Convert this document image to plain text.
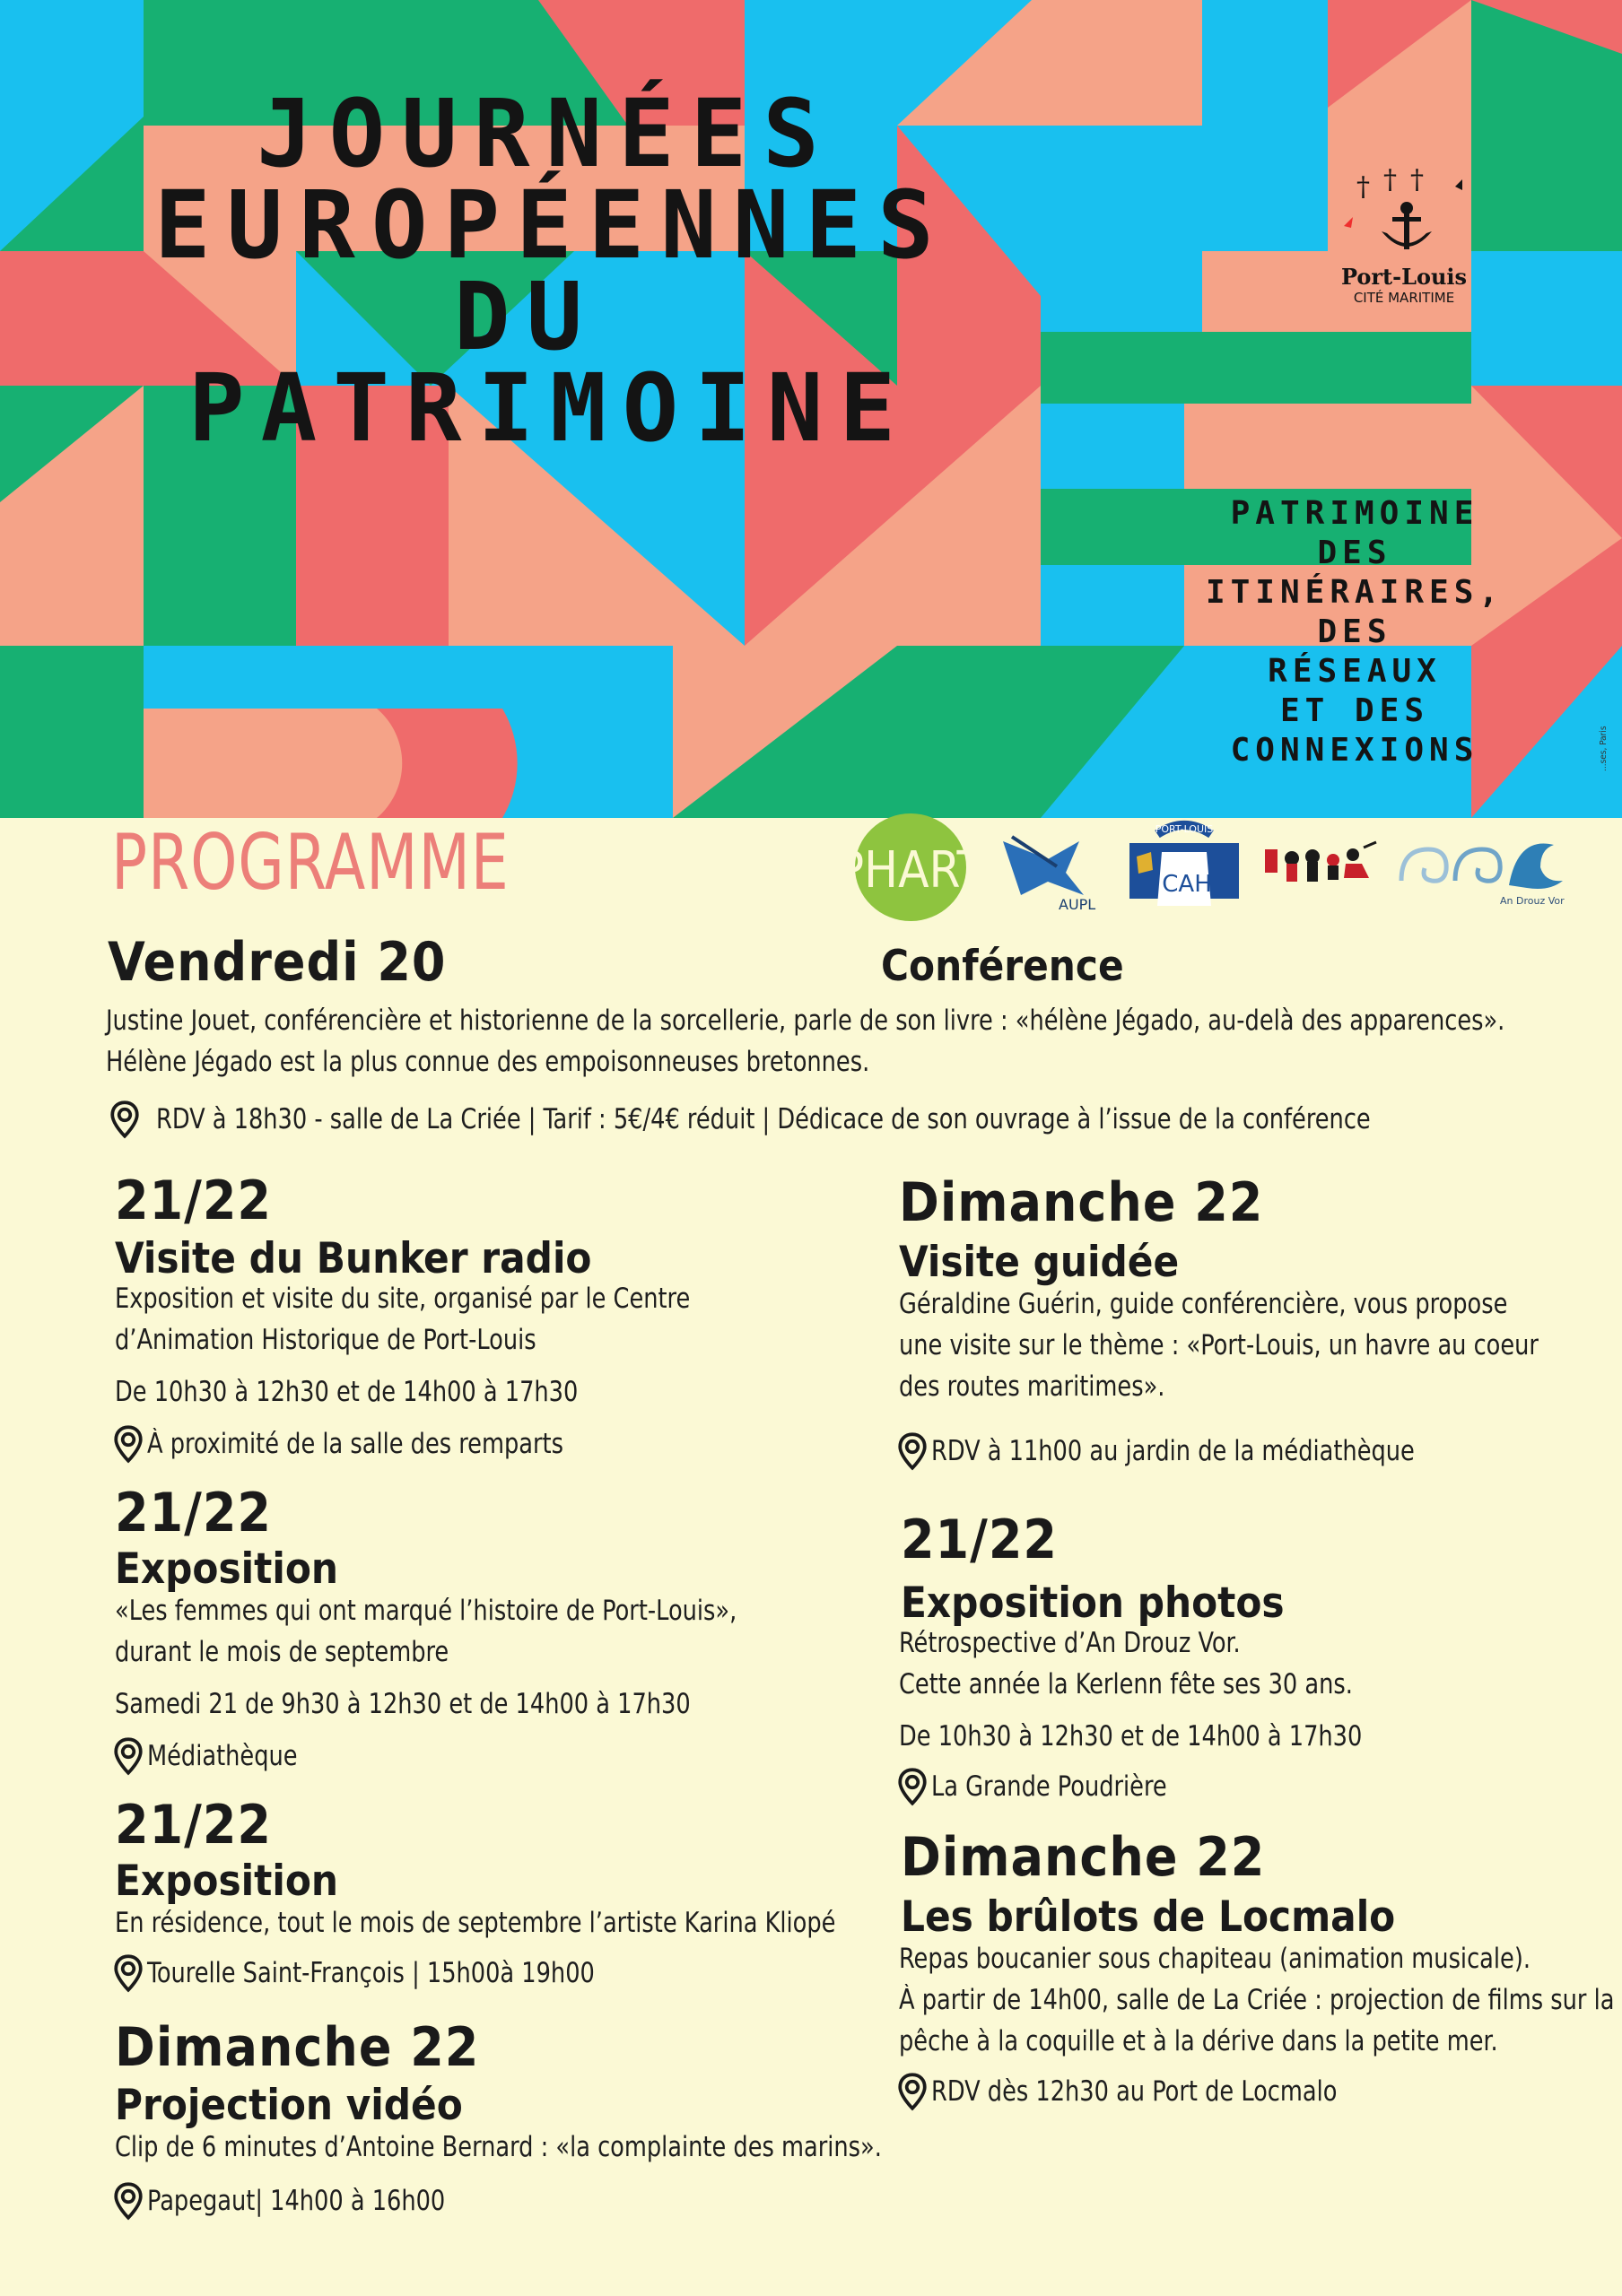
JOURNÉES
EUROPÉENNES
DU
PATRIMOINE
PATRIMOINE
DES
ITINÉRAIRES,
DES
RÉSEAUX
ET DES
CONNEXIONS
† † †
Port-Louis
CITÉ MARITIME
...ses, Paris
PROGRAMME	PHART
AUPL
PORT-LOUIS
CAH
An Drouz Vor
Vendredi 20	Conférence
Justine Jouet, conférencière et historienne de la sorcellerie, parle de son livre : «hélène Jégado, au-delà des apparences».
Hélène Jégado est la plus connue des empoisonneuses bretonnes.
RDV à 18h30 - salle de La Criée | Tarif : 5€/4€ réduit | Dédicace de son ouvrage à l’issue de la conférence
21/22
Visite du Bunker radio
Exposition et visite du site, organisé par le Centre
d’Animation Historique de Port-Louis
De 10h30 à 12h30 et de 14h00 à 17h30
À proximité de la salle des remparts
21/22
Exposition
«Les femmes qui ont marqué l’histoire de Port-Louis»,
durant le mois de septembre
Samedi 21 de 9h30 à 12h30 et de 14h00 à 17h30
Médiathèque
21/22
Exposition
En résidence, tout le mois de septembre l’artiste Karina Kliopé
Tourelle Saint-François | 15h00à 19h00
Dimanche 22
Projection vidéo
Clip de 6 minutes d’Antoine Bernard : «la complainte des marins».
Papegaut| 14h00 à 16h00
Dimanche 22
Visite guidée
Géraldine Guérin, guide conférencière, vous propose
une visite sur le thème : «Port-Louis, un havre au coeur
des routes maritimes».
RDV à 11h00 au jardin de la médiathèque
21/22
Exposition photos
Rétrospective d’An Drouz Vor.
Cette année la Kerlenn fête ses 30 ans.
De 10h30 à 12h30 et de 14h00 à 17h30
La Grande Poudrière
Dimanche 22
Les brûlots de Locmalo
Repas boucanier sous chapiteau (animation musicale).
À partir de 14h00, salle de La Criée : projection de films sur la
pêche à la coquille et à la dérive dans la petite mer.
RDV dès 12h30 au Port de Locmalo
